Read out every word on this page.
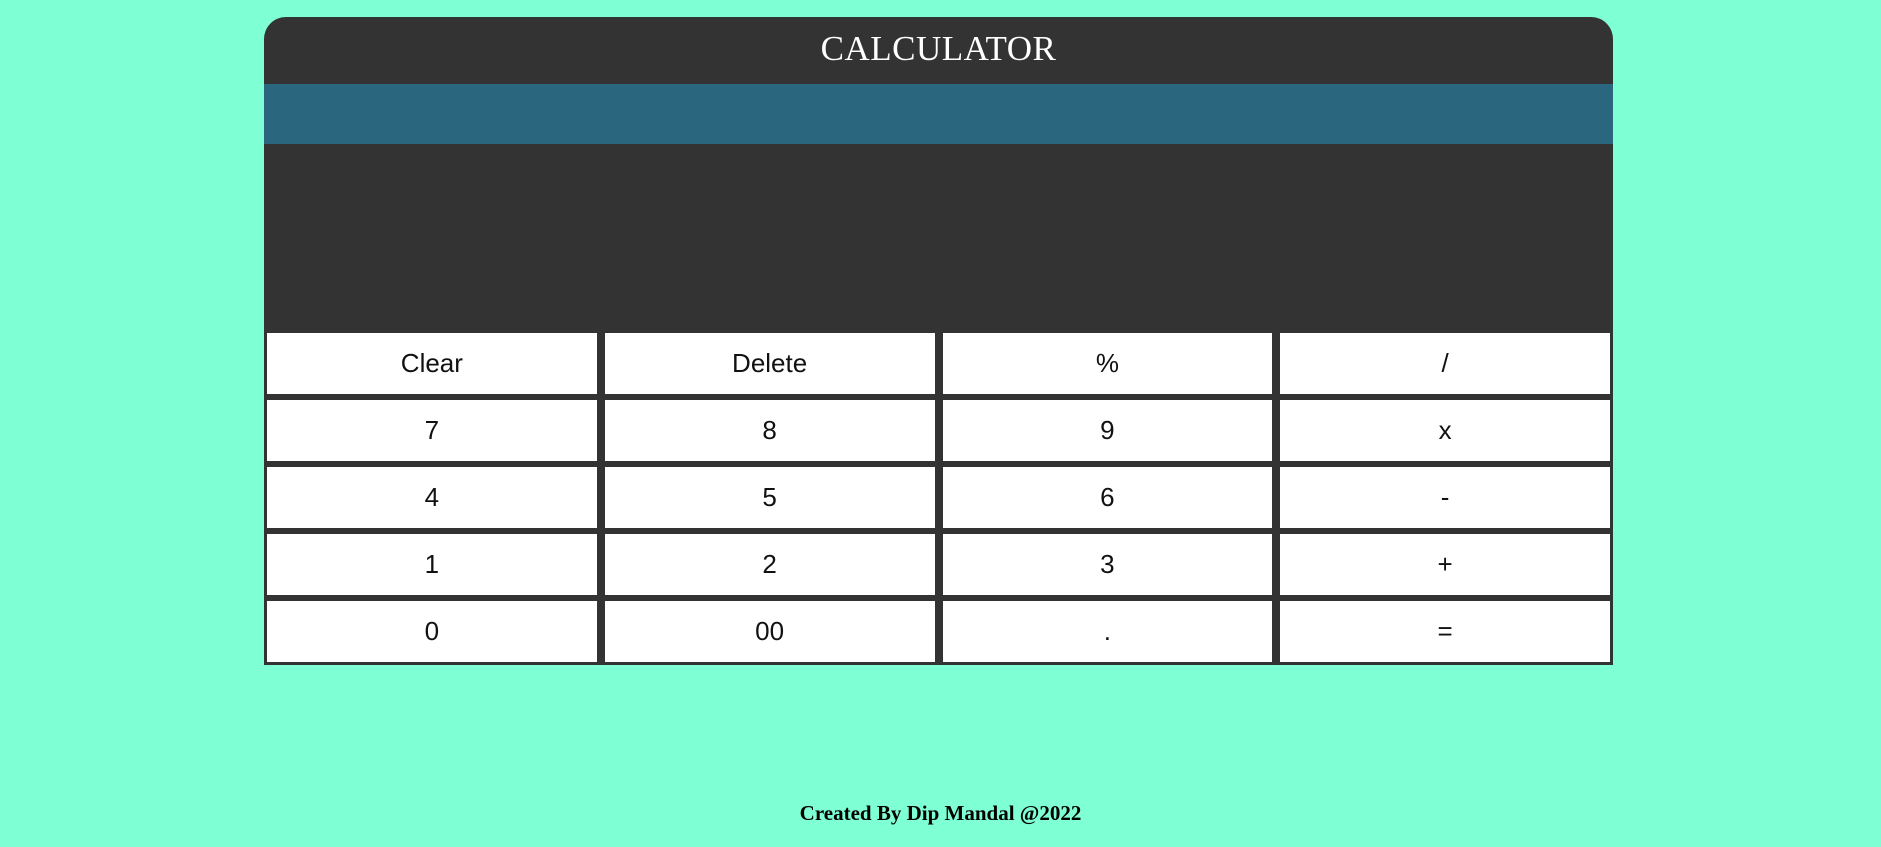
CALCULATOR
Clear	Delete	%	/
7	8	9	x
4	5	6	-
1	2	3	+
0	00	.	=
Created By Dip Mandal @2022
